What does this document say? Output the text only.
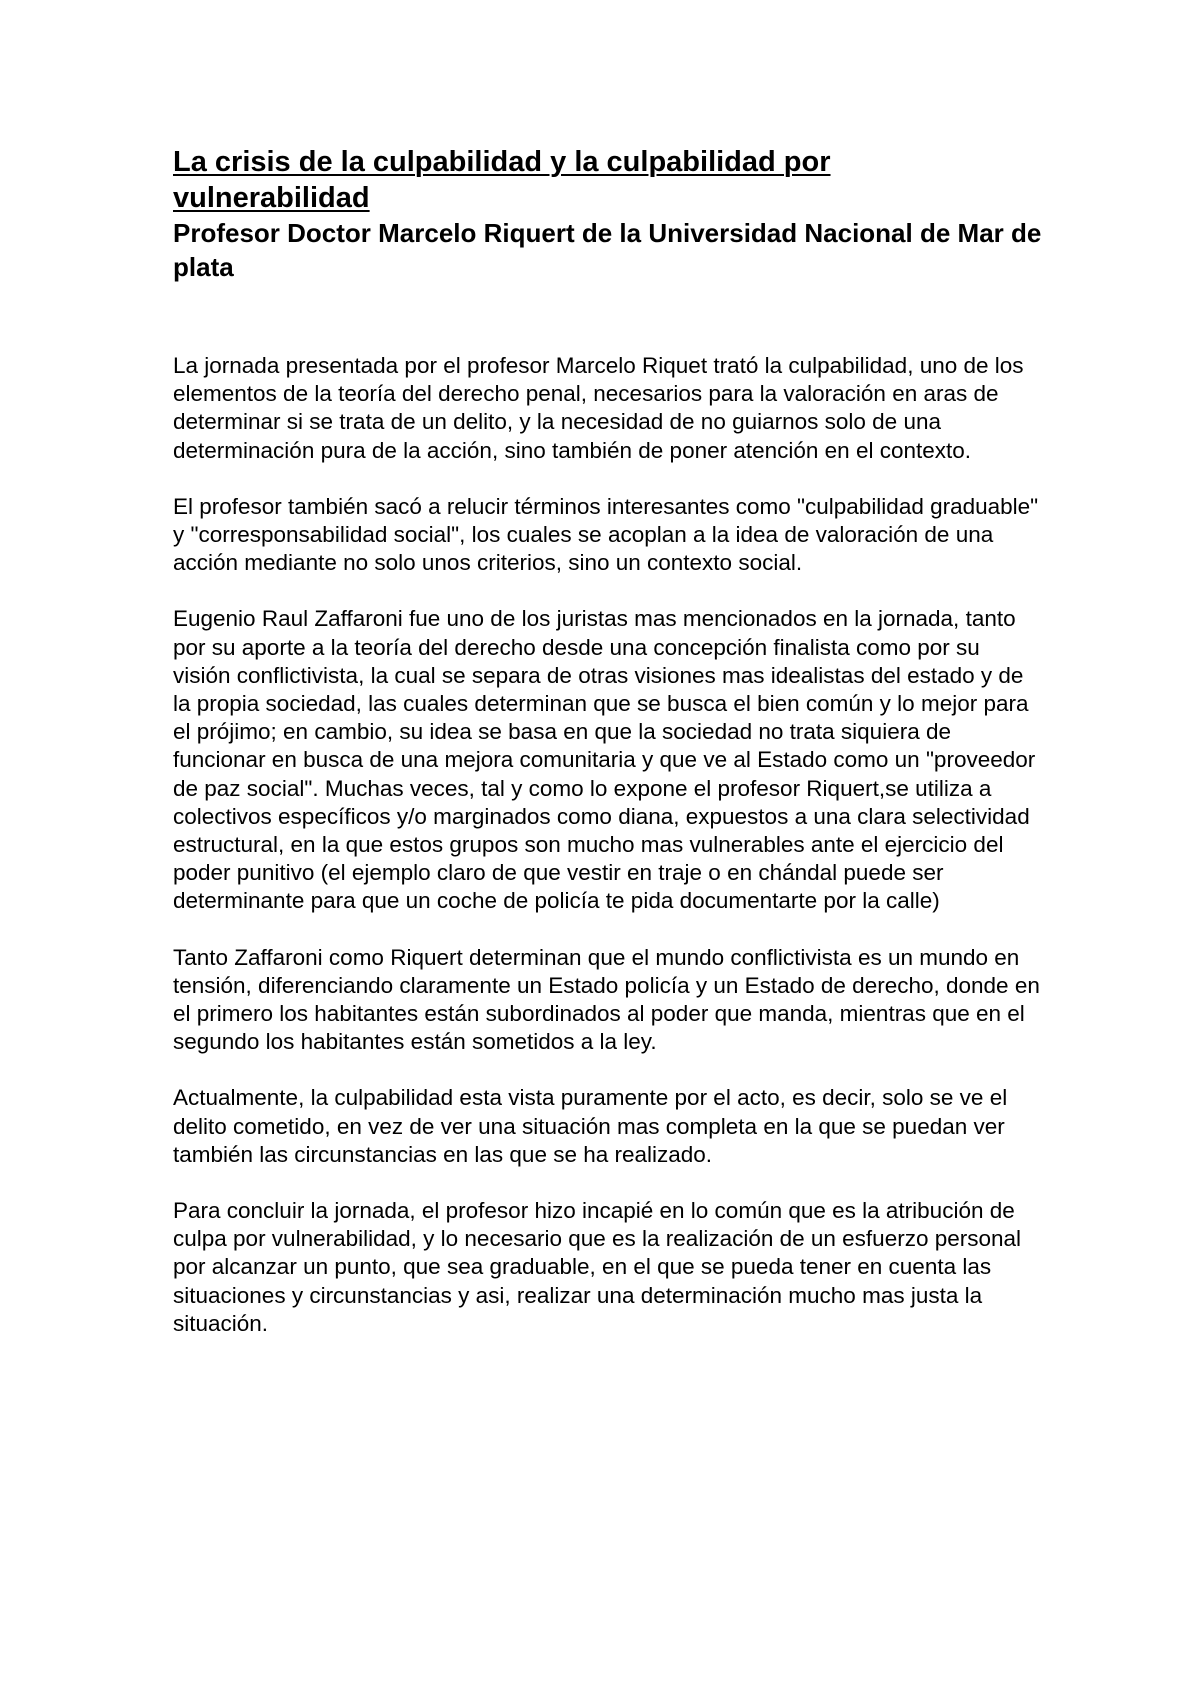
La crisis de la culpabilidad y la culpabilidad por vulnerabilidad
Profesor Doctor Marcelo Riquert de la Universidad Nacional de Mar de plata

La jornada presentada por el profesor Marcelo Riquet trató la culpabilidad, uno de los elementos de la teoría del derecho penal, necesarios para la valoración en aras de determinar si se trata de un delito, y la necesidad de no guiarnos solo de una determinación pura de la acción, sino también de poner atención en el contexto.

El profesor también sacó a relucir términos interesantes como "culpabilidad graduable" y "corresponsabilidad social", los cuales se acoplan a la idea de valoración de una acción mediante no solo unos criterios, sino un contexto social.

Eugenio Raul Zaffaroni fue uno de los juristas mas mencionados en la jornada, tanto por su aporte a la teoría del derecho desde una concepción finalista como por su visión conflictivista, la cual se separa de otras visiones mas idealistas del estado y de la propia sociedad, las cuales determinan que se busca el bien común y lo mejor para el prójimo; en cambio, su idea se basa en que la sociedad no trata siquiera de funcionar en busca de una mejora comunitaria y que ve al Estado como un "proveedor de paz social". Muchas veces, tal y como lo expone el profesor Riquert,se utiliza a colectivos específicos y/o marginados como diana, expuestos a una clara selectividad estructural, en la que estos grupos son mucho mas vulnerables ante el ejercicio del poder punitivo (el ejemplo claro de que vestir en traje o en chándal puede ser determinante para que un coche de policía te pida documentarte por la calle)

Tanto Zaffaroni como Riquert determinan que el mundo conflictivista es un mundo en tensión, diferenciando claramente un Estado policía y un Estado de derecho, donde en el primero los habitantes están subordinados al poder que manda, mientras que en el segundo los habitantes están sometidos a la ley.

Actualmente, la culpabilidad esta vista puramente por el acto, es decir, solo se ve el delito cometido, en vez de ver una situación mas completa en la que se puedan ver también las circunstancias en las que se ha realizado.

Para concluir la jornada, el profesor hizo incapié en lo común que es la atribución de culpa por vulnerabilidad, y lo necesario que es la realización de un esfuerzo personal por alcanzar un punto, que sea graduable, en el que se pueda tener en cuenta las situaciones y circunstancias y asi, realizar una determinación mucho mas justa la situación.
